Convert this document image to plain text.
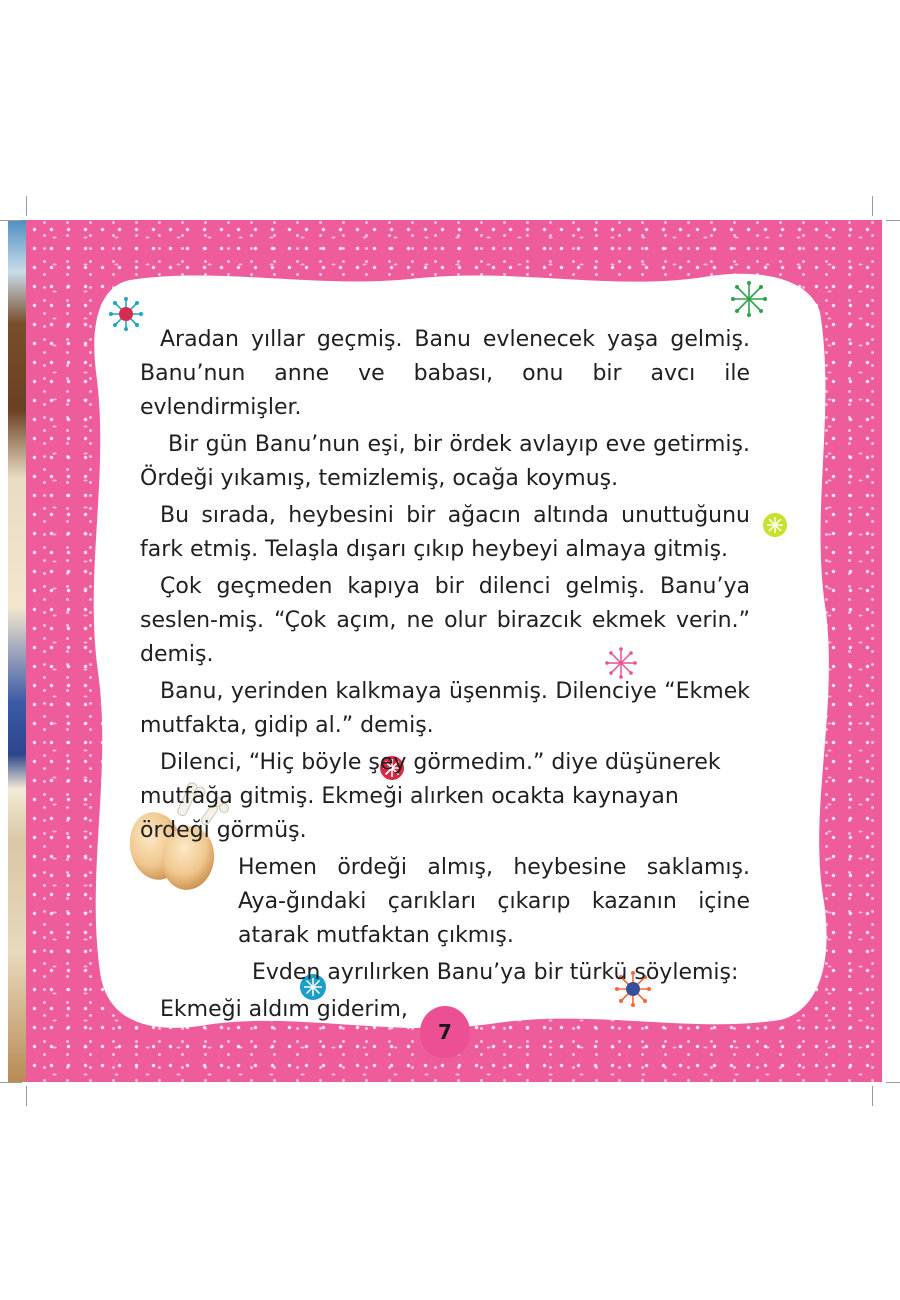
Aradan yıllar geçmiş. Banu evlenecek yaşa gelmiş. Banu’nun anne ve babası, onu bir avcı ile evlendirmişler.

Bir gün Banu’nun eşi, bir ördek avlayıp eve getirmiş. Ördeği yıkamış, temizlemiş, ocağa koymuş.

Bu sırada, heybesini bir ağacın altında unuttuğunu fark etmiş. Telaşla dışarı çıkıp heybeyi almaya gitmiş.

Çok geçmeden kapıya bir dilenci gelmiş. Banu’ya seslen-miş. “Çok açım, ne olur birazcık ekmek verin.” demiş.

Banu, yerinden kalkmaya üşenmiş. Dilenciye “Ekmek mutfakta, gidip al.” demiş.

Dilenci, “Hiç böyle şey görmedim.” diye düşünerek mutfağa gitmiş. Ekmeği alırken ocakta kaynayan ördeği görmüş.

Hemen ördeği almış, heybesine saklamış. Aya-ğındaki çarıkları çıkarıp kazanın içine atarak mutfaktan çıkmış.

Evden ayrılırken Banu’ya bir türkü söylemiş:

Ekmeği aldım giderim,

7
